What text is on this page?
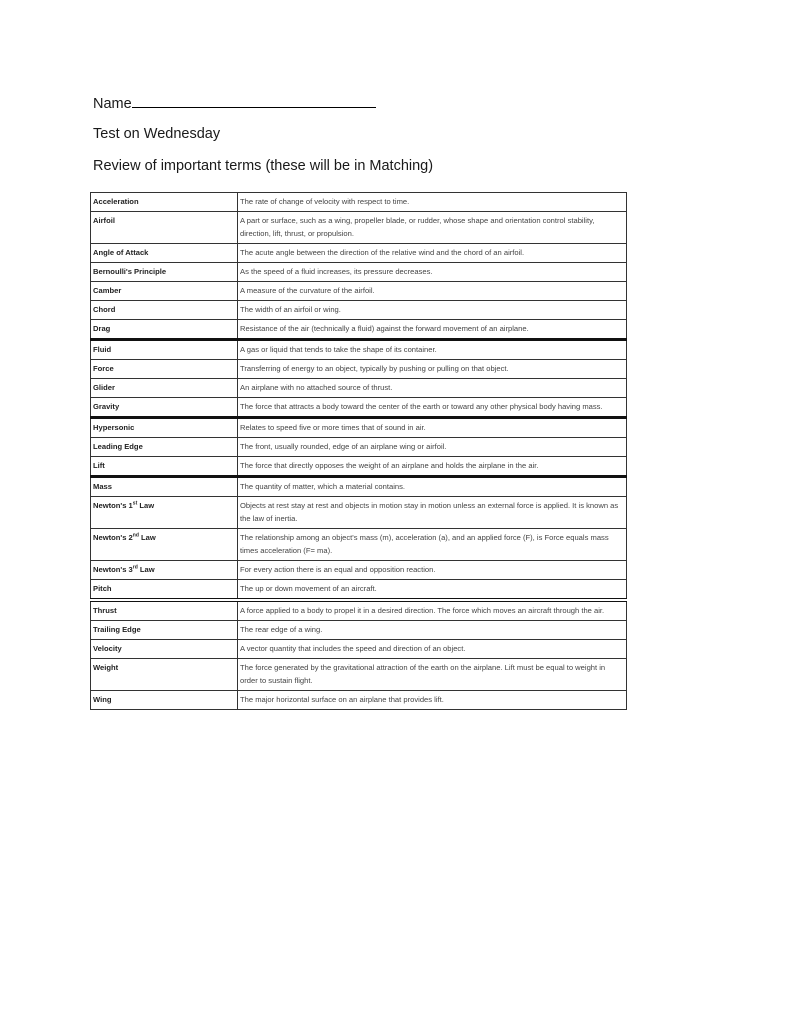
Name
Test on Wednesday
Review of important terms (these will be in Matching)
Acceleration	The rate of change of velocity with respect to time.
Airfoil	A part or surface, such as a wing, propeller blade, or rudder, whose shape and orientation control stability, direction, lift, thrust, or propulsion.
Angle of Attack	The acute angle between the direction of the relative wind and the chord of an airfoil.
Bernoulli's Principle	As the speed of a fluid increases, its pressure decreases.
Camber	A measure of the curvature of the airfoil.
Chord	The width of an airfoil or wing.
Drag	Resistance of the air (technically a fluid) against the forward movement of an airplane.
Fluid	A gas or liquid that tends to take the shape of its container.
Force	Transferring of energy to an object, typically by pushing or pulling on that object.
Glider	An airplane with no attached source of thrust.
Gravity	The force that attracts a body toward the center of the earth or toward any other physical body having mass.
Hypersonic	Relates to speed five or more times that of sound in air.
Leading Edge	The front, usually rounded, edge of an airplane wing or airfoil.
Lift	The force that directly opposes the weight of an airplane and holds the airplane in the air.
Mass	The quantity of matter, which a material contains.
Newton's 1st Law	Objects at rest stay at rest and objects in motion stay in motion unless an external force is applied. It is known as the law of inertia.
Newton's 2nd Law	The relationship among an object's mass (m), acceleration (a), and an applied force (F), is Force equals mass times acceleration (F= ma).
Newton's 3rd Law	For every action there is an equal and opposition reaction.
Pitch	The up or down movement of an aircraft.
Thrust	A force applied to a body to propel it in a desired direction. The force which moves an aircraft through the air.
Trailing Edge	The rear edge of a wing.
Velocity	A vector quantity that includes the speed and direction of an object.
Weight	The force generated by the gravitational attraction of the earth on the airplane. Lift must be equal to weight in order to sustain flight.
Wing	The major horizontal surface on an airplane that provides lift.
